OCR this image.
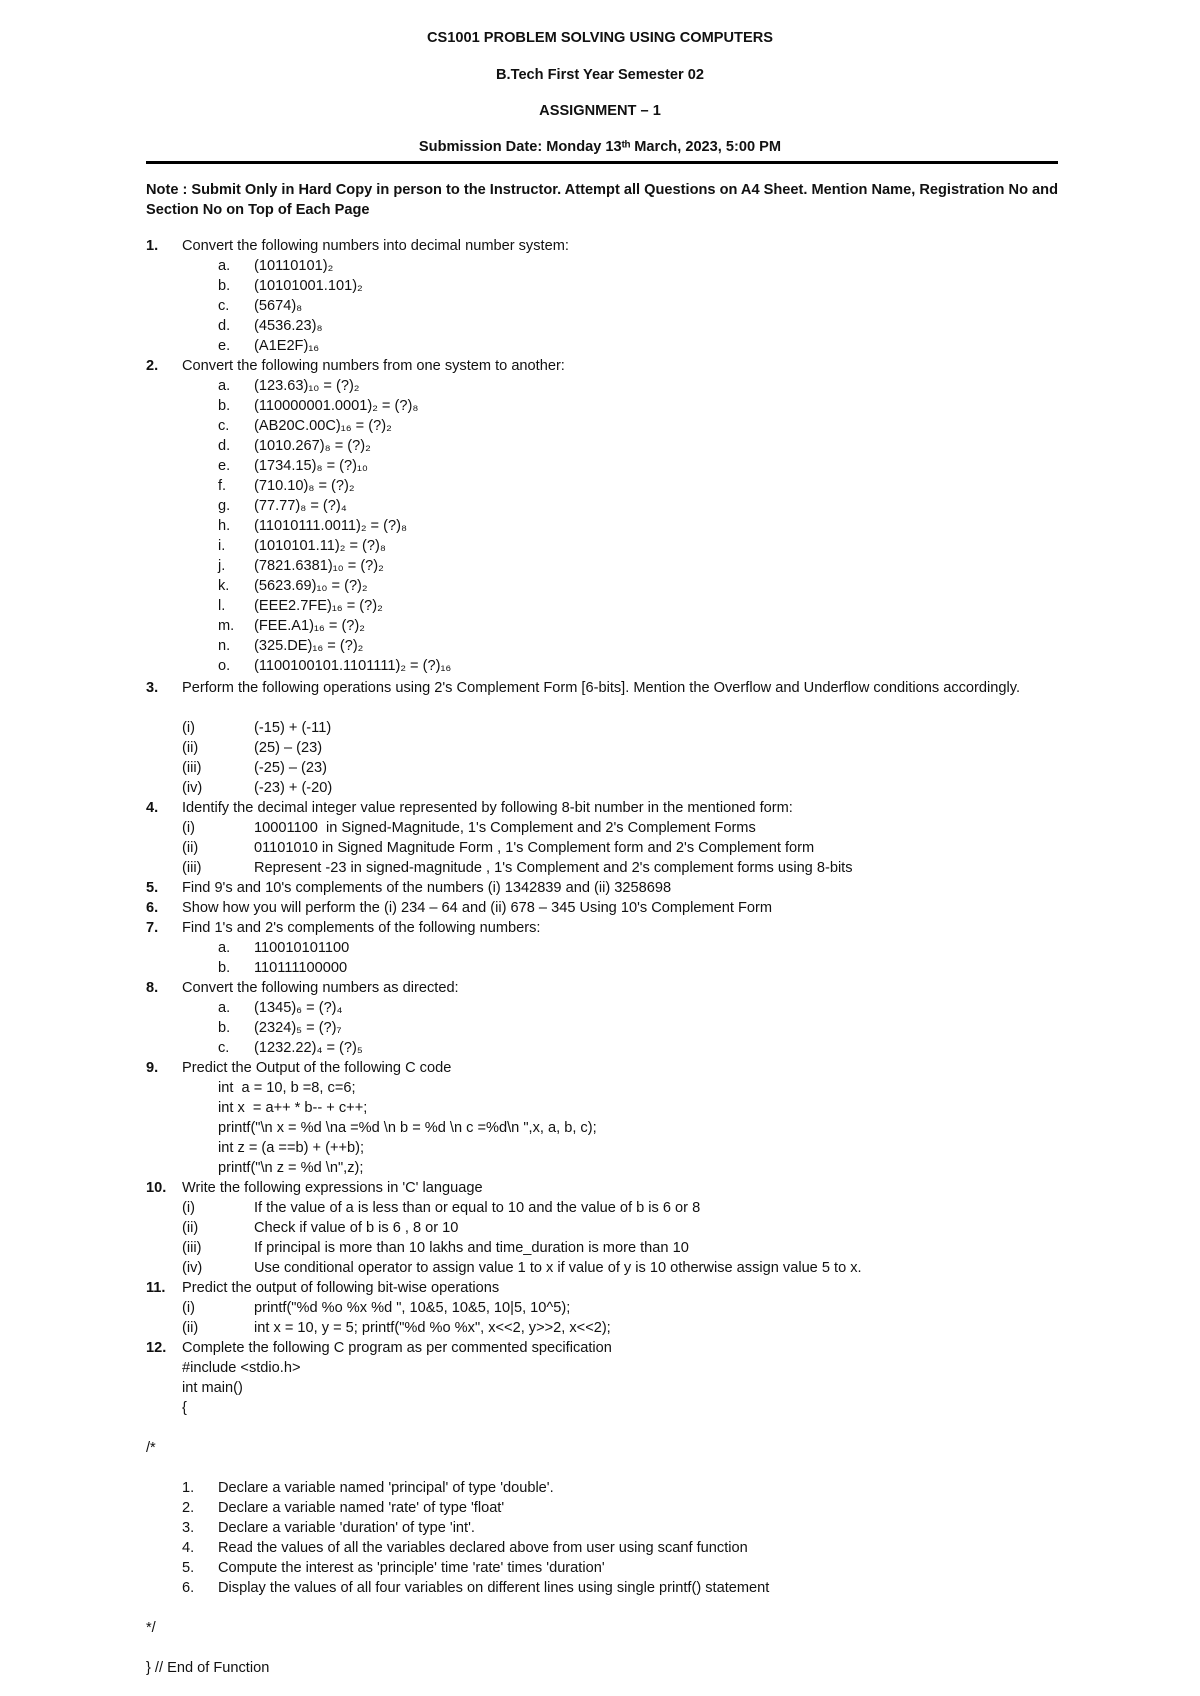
CS1001 PROBLEM SOLVING USING COMPUTERS
B.Tech First Year Semester 02
ASSIGNMENT – 1
Submission Date: Monday 13ᵗʰ March, 2023, 5:00 PM
Note : Submit Only in Hard Copy in person to the Instructor. Attempt all Questions on A4 Sheet. Mention Name, Registration No and Section No on Top of Each Page
1. Convert the following numbers into decimal number system:
a. (10110101)₂
b. (10101001.101)₂
c. (5674)₈
d. (4536.23)₈
e. (A1E2F)₁₆
2. Convert the following numbers from one system to another:
a. (123.63)₁₀ = (?)₂
b. (110000001.0001)₂ = (?)₈
c. (AB20C.00C)₁₆ = (?)₂
d. (1010.267)₈ = (?)₂
e. (1734.15)₈ = (?)₁₀
f. (710.10)₈ = (?)₂
g. (77.77)₈ = (?)₄
h. (11010111.0011)₂ = (?)₈
i. (1010101.11)₂ = (?)₈
j. (7821.6381)₁₀ = (?)₂
k. (5623.69)₁₀ = (?)₂
l. (EEE2.7FE)₁₆ = (?)₂
m. (FEE.A1)₁₆ = (?)₂
n. (325.DE)₁₆ = (?)₂
o. (1100100101.1101111)₂ = (?)₁₆
3. Perform the following operations using 2's Complement Form [6-bits]. Mention the Overflow and Underflow conditions accordingly.
(i)	(-15) + (-11)
(ii)	(25) – (23)
(iii)	(-25) – (23)
(iv)	(-23) + (-20)
4. Identify the decimal integer value represented by following 8-bit number in the mentioned form:
(i)	10001100  in Signed-Magnitude, 1's Complement and 2's Complement Forms
(ii)	01101010 in Signed Magnitude Form , 1's Complement form and 2's Complement form
(iii)	Represent -23 in signed-magnitude , 1's Complement and 2's complement forms using 8-bits
5. Find 9's and 10's complements of the numbers (i) 1342839 and (ii) 3258698
6. Show how you will perform the (i) 234 – 64 and (ii) 678 – 345 Using 10's Complement Form
7. Find 1's and 2's complements of the following numbers:
a. 110010101100
b. 110111100000
8. Convert the following numbers as directed:
a. (1345)₆ = (?)₄
b. (2324)₅ = (?)₇
c. (1232.22)₄ = (?)₅
9. Predict the Output of the following C code
int  a = 10, b =8, c=6;
int x  = a++ * b-- + c++;
printf("\n x = %d \na =%d \n b = %d \n c =%d\n ",x, a, b, c);
int z = (a ==b) + (++b);
printf("\n z = %d \n",z);
10. Write the following expressions in 'C' language
(i)	If the value of a is less than or equal to 10 and the value of b is 6 or 8
(ii)	Check if value of b is 6 , 8 or 10
(iii)	If principal is more than 10 lakhs and time_duration is more than 10
(iv)	Use conditional operator to assign value 1 to x if value of y is 10 otherwise assign value 5 to x.
11. Predict the output of following bit-wise operations
(i)	printf("%d %o %x %d ", 10&5, 10&5, 10|5, 10^5);
(ii)	int x = 10, y = 5; printf("%d %o %x", x<<2, y>>2, x<<2);
12. Complete the following C program as per commented specification
#include <stdio.h>
int main()
{
/*
1. Declare a variable named 'principal' of type 'double'.
2. Declare a variable named 'rate' of type 'float'
3. Declare a variable 'duration' of type 'int'.
4. Read the values of all the variables declared above from user using scanf function
5. Compute the interest as 'principle' time 'rate' times 'duration'
6. Display the values of all four variables on different lines using single printf() statement
*/
} // End of Function
